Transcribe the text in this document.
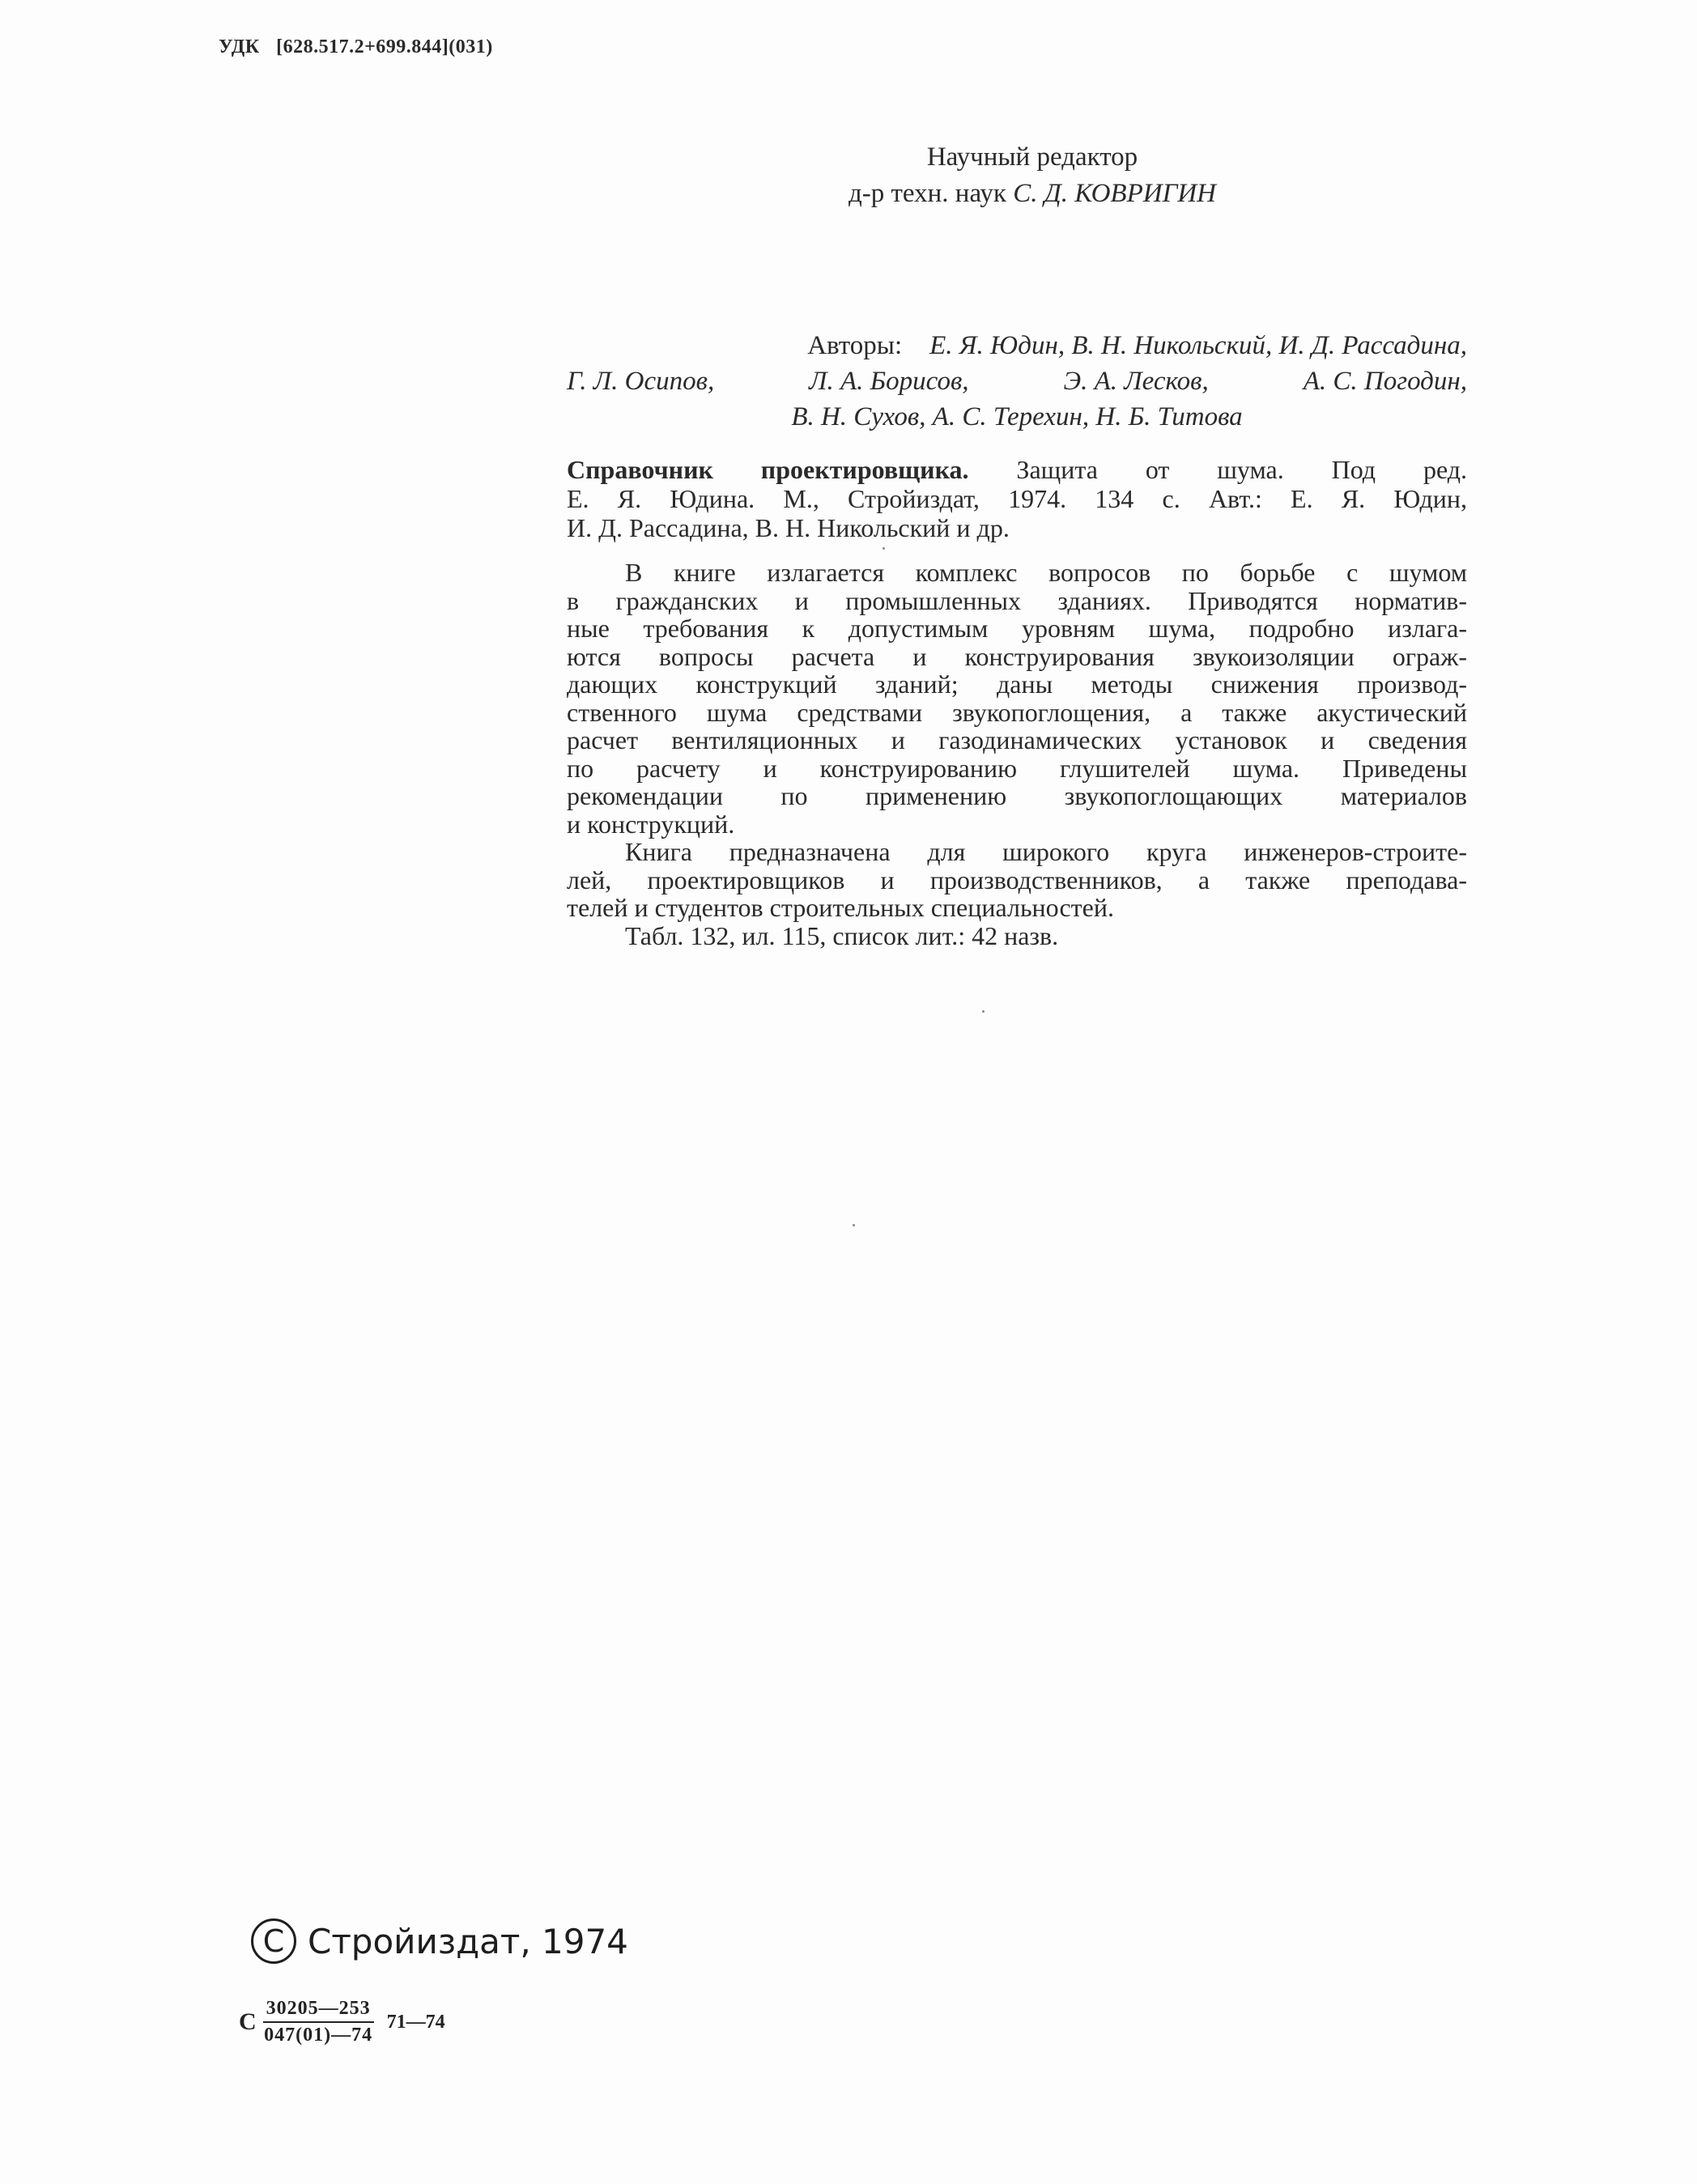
УДК [628.517.2+699.844](031)
Научный редактор
д-р техн. наук С. Д. КОВРИГИН
Авторы: Е. Я. Юдин, В. Н. Никольский, И. Д. Рассадина,
Г. Л. Осипов,	Л. А. Борисов,	Э. А. Лесков,	А. С. Погодин,
В. Н. Сухов, А. С. Терехин, Н. Б. Титова
Справочник проектировщика. Защита от шума. Под ред.
Е. Я. Юдина. М., Стройиздат, 1974. 134 с. Авт.: Е. Я. Юдин,
И. Д. Рассадина, В. Н. Никольский и др.
В книге излагается комплекс вопросов по борьбе с шумом
в гражданских и промышленных зданиях. Приводятся норматив-
ные требования к допустимым уровням шума, подробно излага-
ются вопросы расчета и конструирования звукоизоляции ограж-
дающих конструкций зданий; даны методы снижения производ-
ственного шума средствами звукопоглощения, а также акустический
расчет вентиляционных и газодинамических установок и сведения
по расчету и конструированию глушителей шума. Приведены
рекомендации по применению звукопоглощающих материалов
и конструкций.
Книга предназначена для широкого круга инженеров-строите-
лей, проектировщиков и производственников, а также преподава-
телей и студентов строительных специальностей.
Табл. 132, ил. 115, список лит.: 42 назв.
C Стройиздат, 1974
С $\frac{30205—253}{047(01)—74}$ 71—74
